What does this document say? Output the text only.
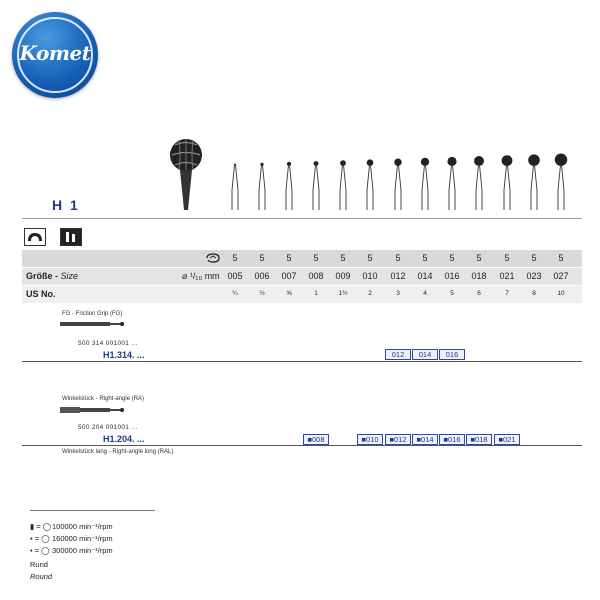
Komet
H 1
5	5	5	5	5	5	5	5	5	5	5	5	5
Größe - Size	⌀ ¹/₁₀ mm 005	006	007	008	009	010	012	014	016	018	021	023	027
US No.	¼	½	⅝	1	1½	2	3	4	5	6	7	8	10
FG - Friction Grip (FG)
500 314 001001 ...
H1.314. ...	012	014	016
Winkelstück - Right-angle (RA)
500 204 001001 ...
H1.204. ...	■008	■010	■012	■014	■016	■018	■021
Winkelstück lang - Right-angle long (RAL)
▮ = ◯100000 min⁻¹/rpm
▪ = ◯ 160000 min⁻¹/rpm
• = ◯ 300000 min⁻¹/rpm
Rund
Round
